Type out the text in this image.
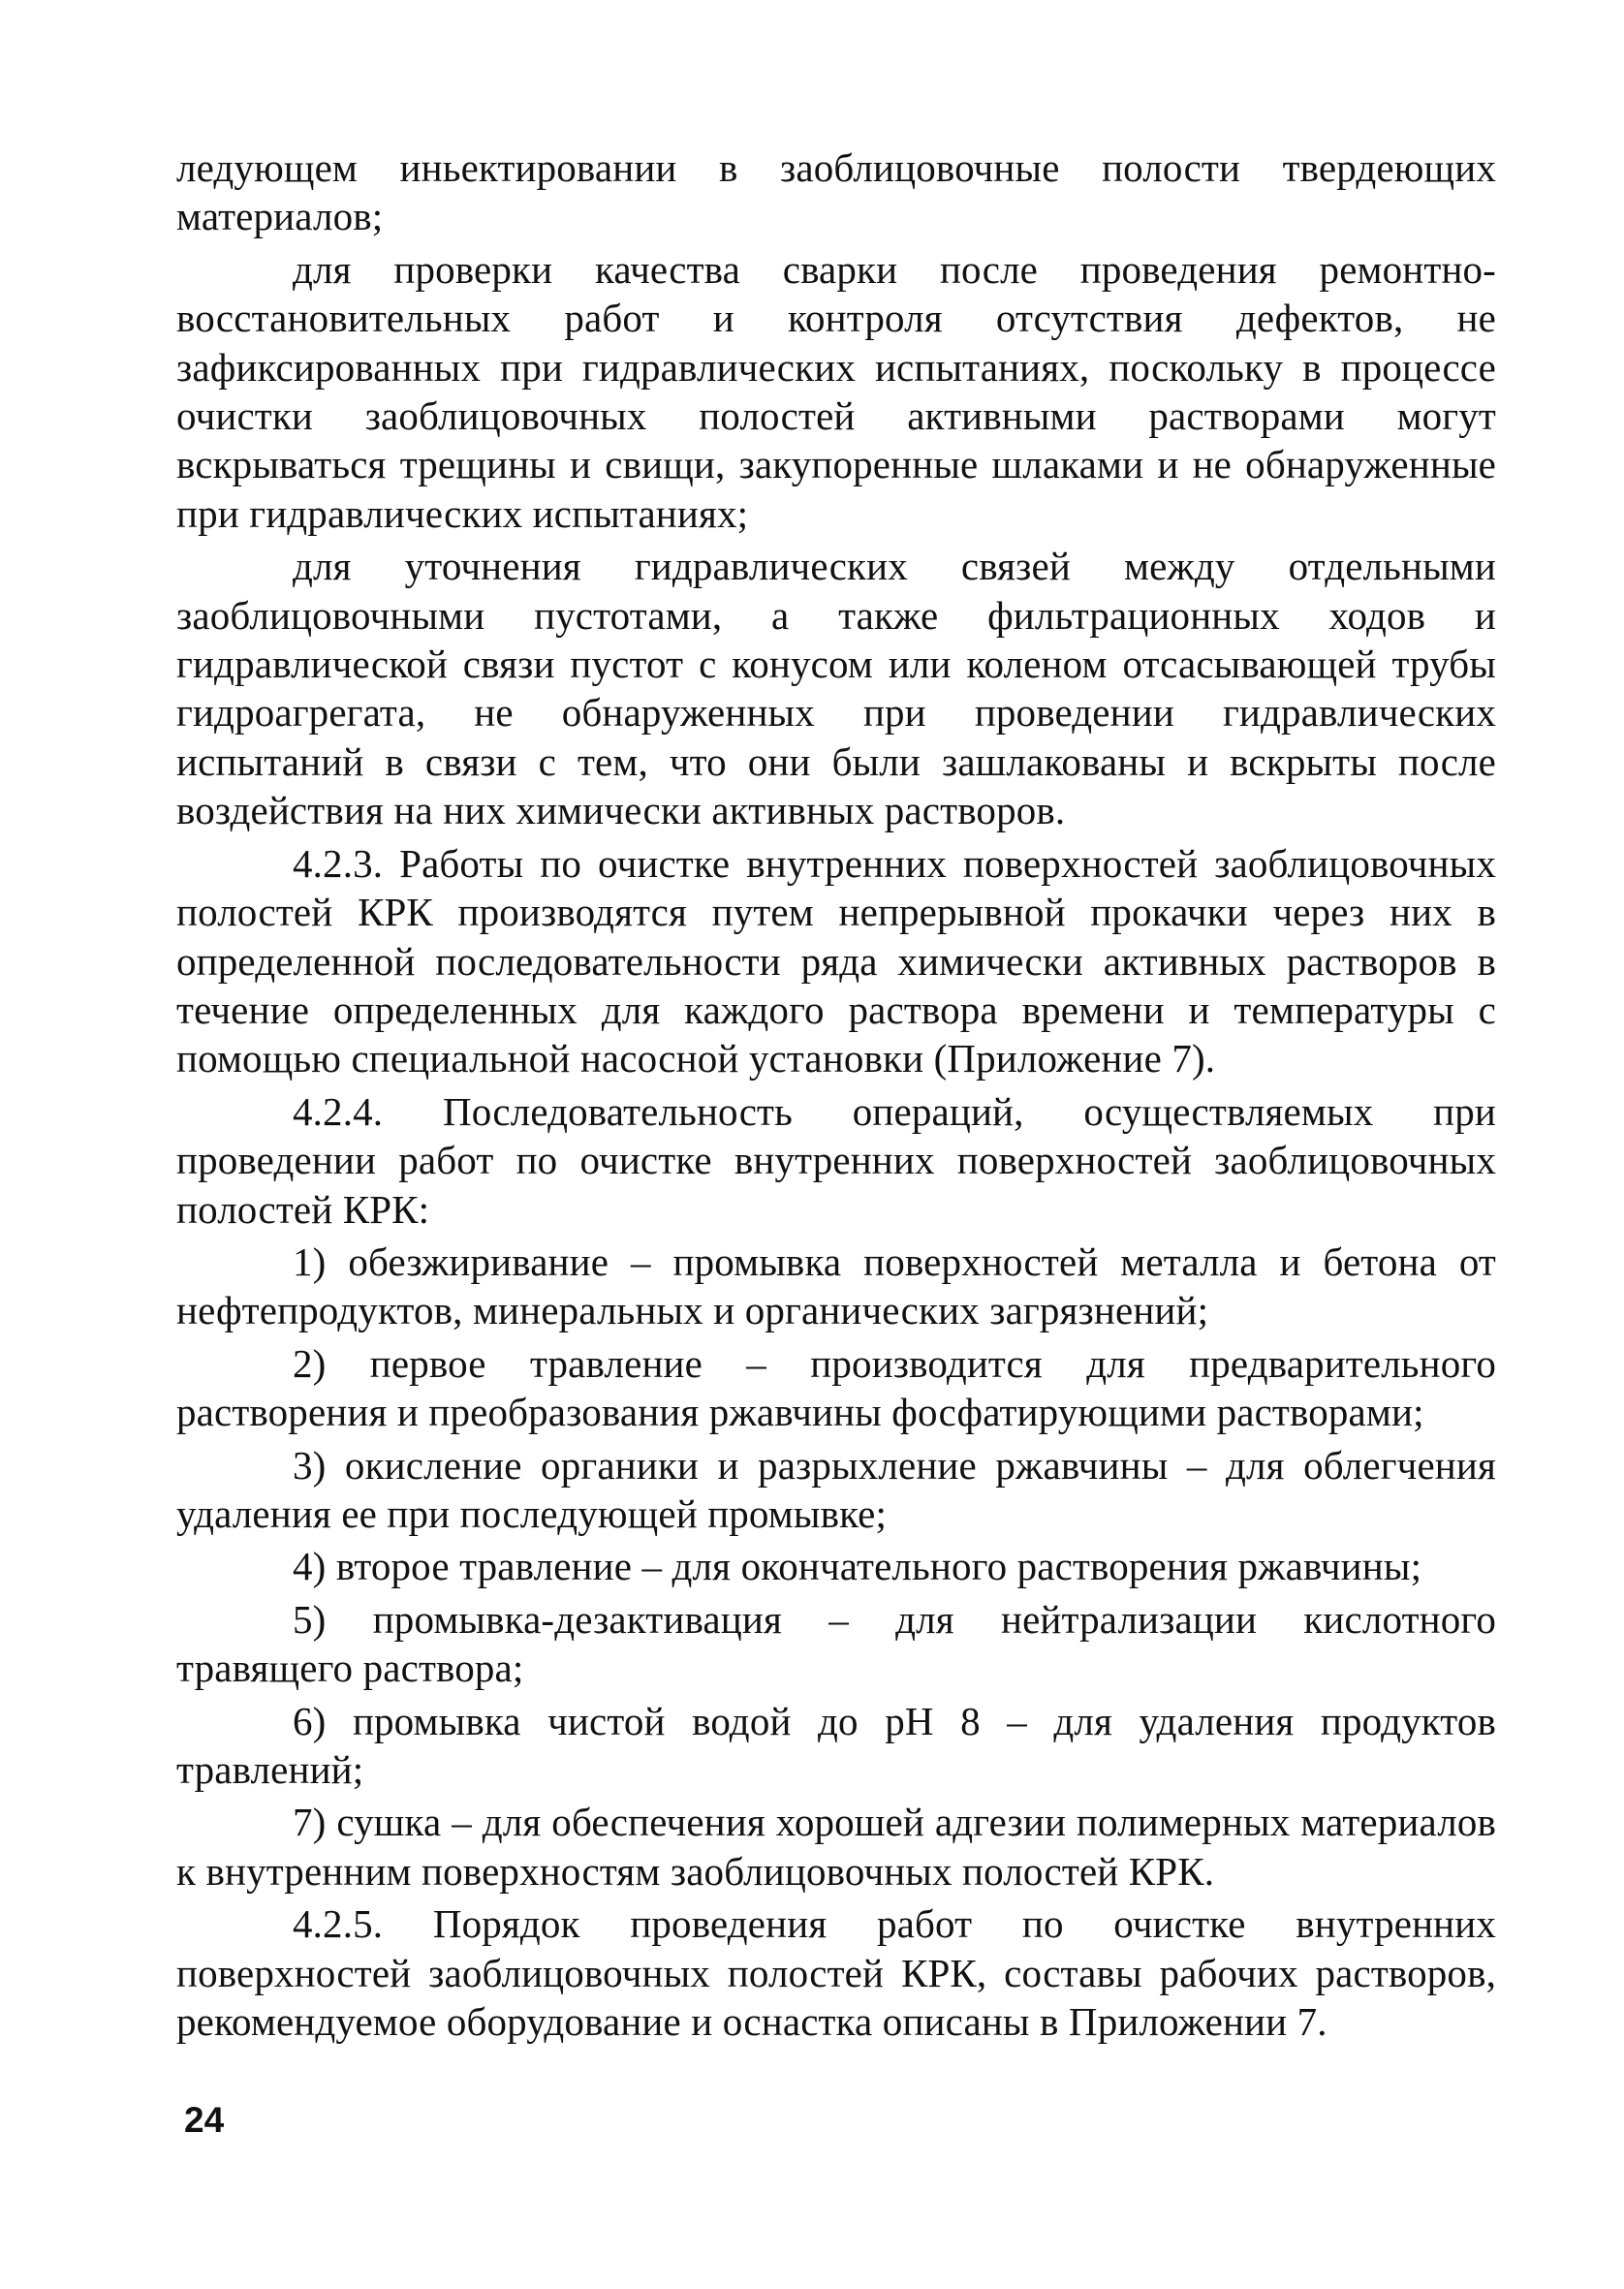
ледующем иньектировании в заоблицовочные полости твердеющих материалов;

для проверки качества сварки после проведения ремонтно-восстановительных работ и контроля отсутствия дефектов, не зафиксированных при гидравлических испытаниях, поскольку в процессе очистки заоблицовочных полостей активными растворами могут вскрываться трещины и свищи, закупоренные шлаками и не обнаруженные при гидравлических испытаниях;

для уточнения гидравлических связей между отдельными заоблицовочными пустотами, а также фильтрационных ходов и гидравлической связи пустот с конусом или коленом отсасывающей трубы гидроагрегата, не обнаруженных при проведении гидравлических испытаний в связи с тем, что они были зашлакованы и вскрыты после воздействия на них химически активных растворов.

4.2.3. Работы по очистке внутренних поверхностей заоблицовочных полостей КРК производятся путем непрерывной прокачки через них в определенной последовательности ряда химически активных растворов в течение определенных для каждого раствора времени и температуры с помощью специальной насосной установки (Приложение 7).

4.2.4. Последовательность операций, осуществляемых при проведении работ по очистке внутренних поверхностей заоблицовочных полостей КРК:

1) обезжиривание – промывка поверхностей металла и бетона от нефтепродуктов, минеральных и органических загрязнений;

2) первое травление – производится для предварительного растворения и преобразования ржавчины фосфатирующими растворами;

3) окисление органики и разрыхление ржавчины – для облегчения удаления ее при последующей промывке;

4) второе травление – для окончательного растворения ржавчины;

5) промывка-дезактивация – для нейтрализации кислотного травящего раствора;

6) промывка чистой водой до pH 8 – для удаления продуктов травлений;

7) сушка – для обеспечения хорошей адгезии полимерных материалов к внутренним поверхностям заоблицовочных полостей КРК.

4.2.5. Порядок проведения работ по очистке внутренних поверхностей заоблицовочных полостей КРК, составы рабочих растворов, рекомендуемое оборудование и оснастка описаны в Приложении 7.

24
